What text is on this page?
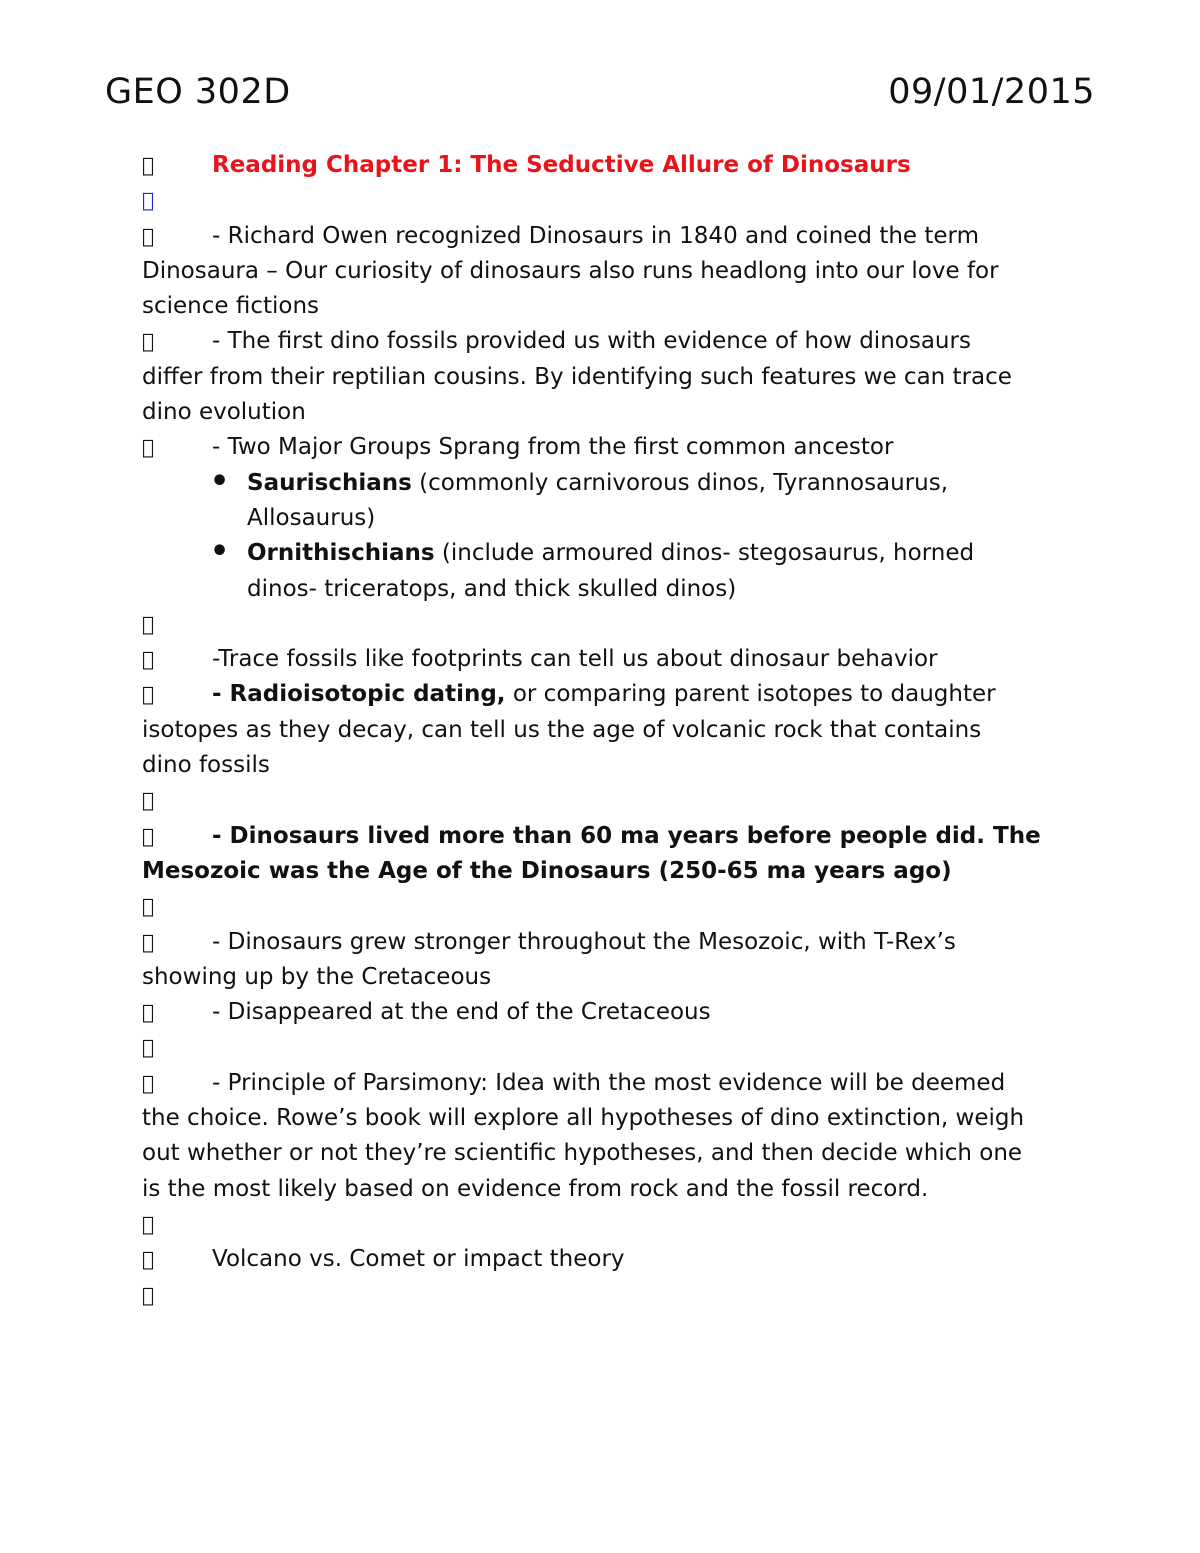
GEO 302D	09/01/2015
Reading Chapter 1: The Seductive Allure of Dinosaurs
- Richard Owen recognized Dinosaurs in 1840 and coined the term
Dinosaura – Our curiosity of dinosaurs also runs headlong into our love for
science fictions
- The first dino fossils provided us with evidence of how dinosaurs
differ from their reptilian cousins. By identifying such features we can trace
dino evolution
- Two Major Groups Sprang from the first common ancestor
• Saurischians (commonly carnivorous dinos, Tyrannosaurus,
Allosaurus)
• Ornithischians (include armoured dinos- stegosaurus, horned
dinos- triceratops, and thick skulled dinos)
-Trace fossils like footprints can tell us about dinosaur behavior
- Radioisotopic dating, or comparing parent isotopes to daughter
isotopes as they decay, can tell us the age of volcanic rock that contains
dino fossils
- Dinosaurs lived more than 60 ma years before people did. The
Mesozoic was the Age of the Dinosaurs (250-65 ma years ago)
- Dinosaurs grew stronger throughout the Mesozoic, with T-Rex’s
showing up by the Cretaceous
- Disappeared at the end of the Cretaceous
- Principle of Parsimony: Idea with the most evidence will be deemed
the choice. Rowe’s book will explore all hypotheses of dino extinction, weigh
out whether or not they’re scientific hypotheses, and then decide which one
is the most likely based on evidence from rock and the fossil record.
Volcano vs. Comet or impact theory
